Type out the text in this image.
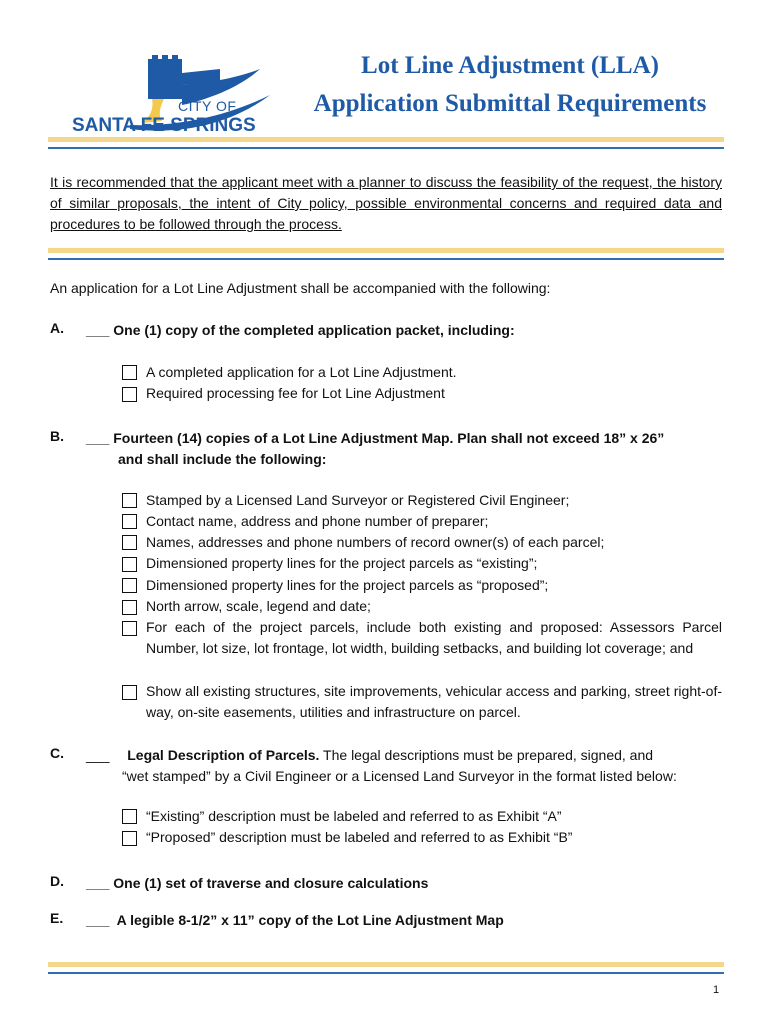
CITY OF
SANTA FE SPRINGS
Lot Line Adjustment (LLA)
Application Submittal Requirements
It is recommended that the applicant meet with a planner to discuss the feasibility of the request, the history of similar proposals, the intent of City policy, possible environmental concerns and required data and procedures to be followed through the process.
An application for a Lot Line Adjustment shall be accompanied with the following:
A. ___ One (1) copy of the completed application packet, including:
A completed application for a Lot Line Adjustment.
Required processing fee for Lot Line Adjustment
B. ___ Fourteen (14) copies of a Lot Line Adjustment Map. Plan shall not exceed 18” x 26”
and shall include the following:
Stamped by a Licensed Land Surveyor or Registered Civil Engineer;
Contact name, address and phone number of preparer;
Names, addresses and phone numbers of record owner(s) of each parcel;
Dimensioned property lines for the project parcels as “existing”;
Dimensioned property lines for the project parcels as “proposed”;
North arrow, scale, legend and date;
For each of the project parcels, include both existing and proposed: Assessors Parcel Number, lot size, lot frontage, lot width, building setbacks, and building lot coverage; and
Show all existing structures, site improvements, vehicular access and parking, street right-of-way, on-site easements, utilities and infrastructure on parcel.
C. ___ Legal Description of Parcels. The legal descriptions must be prepared, signed, and
“wet stamped” by a Civil Engineer or a Licensed Land Surveyor in the format listed below:
“Existing” description must be labeled and referred to as Exhibit “A”
“Proposed” description must be labeled and referred to as Exhibit “B”
D. ___ One (1) set of traverse and closure calculations
E. ___  A legible 8-1/2” x 11” copy of the Lot Line Adjustment Map
1
